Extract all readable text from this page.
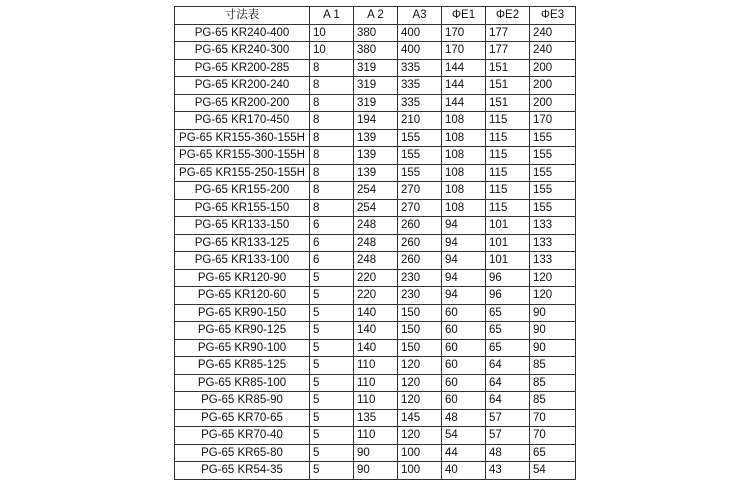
寸法表	A 1	A 2	A3	ΦE1	ΦE2	ΦE3
PG-65 KR240-400	10	380	400	170	177	240
PG-65 KR240-300	10	380	400	170	177	240
PG-65 KR200-285	8	319	335	144	151	200
PG-65 KR200-240	8	319	335	144	151	200
PG-65 KR200-200	8	319	335	144	151	200
PG-65 KR170-450	8	194	210	108	115	170
PG-65 KR155-360-155H	8	139	155	108	115	155
PG-65 KR155-300-155H	8	139	155	108	115	155
PG-65 KR155-250-155H	8	139	155	108	115	155
PG-65 KR155-200	8	254	270	108	115	155
PG-65 KR155-150	8	254	270	108	115	155
PG-65 KR133-150	6	248	260	94	101	133
PG-65 KR133-125	6	248	260	94	101	133
PG-65 KR133-100	6	248	260	94	101	133
PG-65 KR120-90	5	220	230	94	96	120
PG-65 KR120-60	5	220	230	94	96	120
PG-65 KR90-150	5	140	150	60	65	90
PG-65 KR90-125	5	140	150	60	65	90
PG-65 KR90-100	5	140	150	60	65	90
PG-65 KR85-125	5	110	120	60	64	85
PG-65 KR85-100	5	110	120	60	64	85
PG-65 KR85-90	5	110	120	60	64	85
PG-65 KR70-65	5	135	145	48	57	70
PG-65 KR70-40	5	110	120	54	57	70
PG-65 KR65-80	5	90	100	44	48	65
PG-65 KR54-35	5	90	100	40	43	54
